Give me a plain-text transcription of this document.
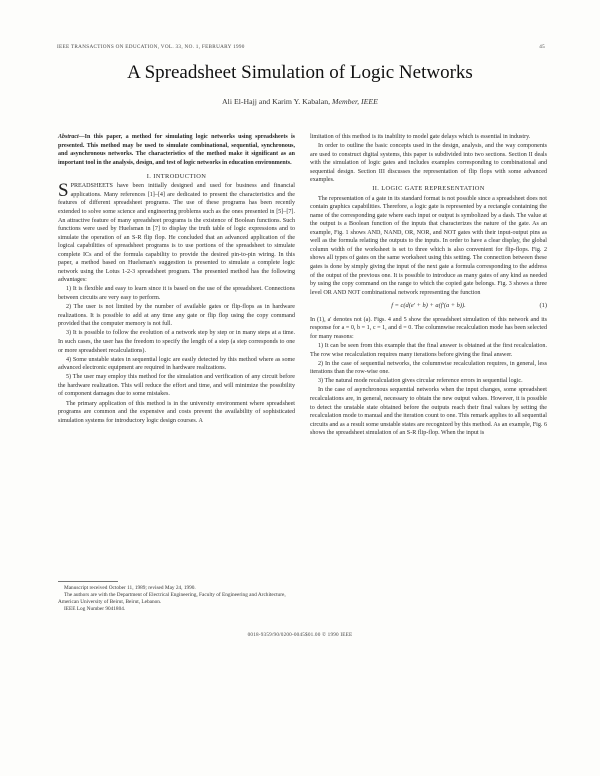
IEEE TRANSACTIONS ON EDUCATION, VOL. 33, NO. 1, FEBRUARY 1990	45
A Spreadsheet Simulation of Logic Networks
Ali El-Hajj and Karim Y. Kabalan, Member, IEEE

Abstract—In this paper, a method for simulating logic networks using spreadsheets is presented. This method may be used to simulate combinational, sequential, synchronous, and asynchronous networks. The characteristics of the method make it significant as an important tool in the analysis, design, and test of logic networks in education environments.

I. INTRODUCTION

SPREADSHEETS have been initially designed and used for business and financial applications. Many references [1]–[4] are dedicated to present the characteristics and the features of different spreadsheet programs. The use of these programs has been recently extended to solve some science and engineering problems such as the ones presented in [5]–[7]. An attractive feature of many spreadsheet programs is the existence of Boolean functions. Such functions were used by Huelsman in [7] to display the truth table of logic expressions and to simulate the operation of an S-R flip flop. He concluded that an advanced application of the logical capabilities of spreadsheet programs is to use portions of the spreadsheet to simulate complete ICs and of the formula capability to provide the desired pin-to-pin wiring. In this paper, a method based on Huelsman's suggestion is presented to simulate a complete logic network using the Lotus 1-2-3 spreadsheet program. The presented method has the following advantages:

1) It is flexible and easy to learn since it is based on the use of the spreadsheet. Connections between circuits are very easy to perform.

2) The user is not limited by the number of available gates or flip-flops as in hardware realizations. It is possible to add at any time any gate or flip flop using the copy command provided that the computer memory is not full.

3) It is possible to follow the evolution of a network step by step or in many steps at a time. In such cases, the user has the freedom to specify the length of a step (a step corresponds to one or more spreadsheet recalculations).

4) Some unstable states in sequential logic are easily detected by this method where as some advanced electronic equipment are required in hardware realizations.

5) The user may employ this method for the simulation and verification of any circuit before the hardware realization. This will reduce the effort and time, and will minimize the possibility of component damages due to some mistakes.

The primary application of this method is in the university environment where spreadsheet programs are common and the expensive and costs prevent the availability of sophisticated simulation systems for introductory logic design courses. A

Manuscript received October 11, 1989; revised May 24, 1990.
The authors are with the Department of Electrical Engineering, Faculty of Engineering and Architecture, American University of Beirut, Beirut, Lebanon.
IEEE Log Number 9041804.

limitation of this method is its inability to model gate delays which is essential in industry.

In order to outline the basic concepts used in the design, analysis, and the way components are used to construct digital systems, this paper is subdivided into two sections. Section II deals with the simulation of logic gates and includes examples corresponding to combinational and sequential design. Section III discusses the representation of flip flops with some advanced examples.

II. LOGIC GATE REPRESENTATION

The representation of a gate in its standard format is not possible since a spreadsheet does not contain graphics capabilities. Therefore, a logic gate is represented by a rectangle containing the name of the corresponding gate where each input or output is symbolized by a dash. The value at the output is a Boolean function of the inputs that characterizes the nature of the gate. As an example, Fig. 1 shows AND, NAND, OR, NOR, and NOT gates with their input-output pins as well as the formula relating the outputs to the inputs. In order to have a clear display, the global column width of the worksheet is set to three which is also convenient for flip-flops. Fig. 2 shows all types of gates on the same worksheet using this setting. The connection between these gates is done by simply giving the input of the next gate a formula corresponding to the address of the output of the previous one. It is possible to introduce as many gates of any kind as needed by using the copy command on the range to which the copied gate belongs. Fig. 3 shows a three level OR AND NOT combinational network representing the function

f = c(d(e' + b) + a(f'(a + b)).	(1)

In (1), a' denotes not (a). Figs. 4 and 5 show the spreadsheet simulation of this network and its response for a = 0, b = 1, c = 1, and d = 0. The columnwise recalculation mode has been selected for many reasons:

1) It can be seen from this example that the final answer is obtained at the first recalculation. The row wise recalculation requires many iterations before giving the final answer.

2) In the case of sequential networks, the columnwise recalculation requires, in general, less iterations than the row-wise one.

3) The natural mode recalculation gives circular reference errors in sequential logic.

In the case of asynchronous sequential networks when the input changes, some spreadsheet recalculations are, in general, necessary to obtain the new output values. However, it is possible to detect the unstable state obtained before the outputs reach their final values by setting the recalculation mode to manual and the iteration count to one. This remark applies to all sequential circuits and as a result some unstable states are recognized by this method. As an example, Fig. 6 shows the spreadsheet simulation of an S-R flip-flop. When the input is

0018-9359/90/0200-0045$01.00 © 1990 IEEE
